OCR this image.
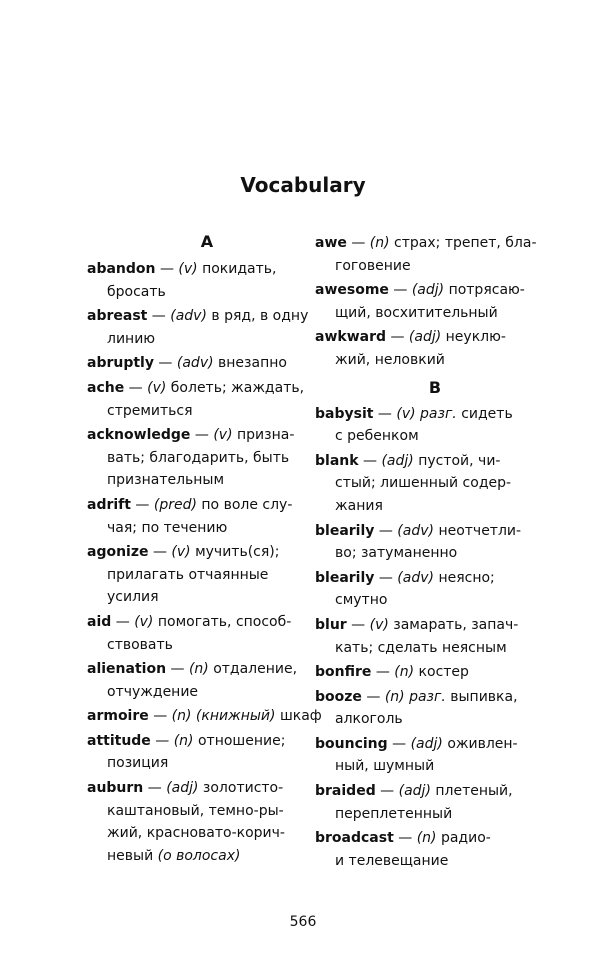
Vocabulary
A
abandon — (v) покидать,
бросать
abreast — (adv) в ряд, в одну
линию
abruptly — (adv) внезапно
ache — (v) болеть; жаждать,
стремиться
acknowledge — (v) призна-
вать; благодарить, быть
признательным
adrift — (pred) по воле слу-
чая; по течению
agonize — (v) мучить(ся);
прилагать отчаянные
усилия
aid — (v) помогать, способ-
ствовать
alienation — (n) отдаление,
отчуждение
armoire — (n) (книжный) шкаф
attitude — (n) отношение;
позиция
auburn — (adj) золотисто-
каштановый, темно-ры-
жий, красновато-корич-
невый (о волосах)
awe — (n) страх; трепет, бла-
гоговение
awesome — (adj) потрясаю-
щий, восхитительный
awkward — (adj) неуклю-
жий, неловкий
B
babysit — (v) разг. сидеть
с ребенком
blank — (adj) пустой, чи-
стый; лишенный содер-
жания
blearily — (adv) неотчетли-
во; затуманенно
blearily — (adv) неясно;
смутно
blur — (v) замарать, запач-
кать; сделать неясным
bonfire — (n) костер
booze — (n) разг. выпивка,
алкоголь
bouncing — (adj) оживлен-
ный, шумный
braided — (adj) плетеный,
переплетенный
broadcast — (n) радио-
и телевещание
566
